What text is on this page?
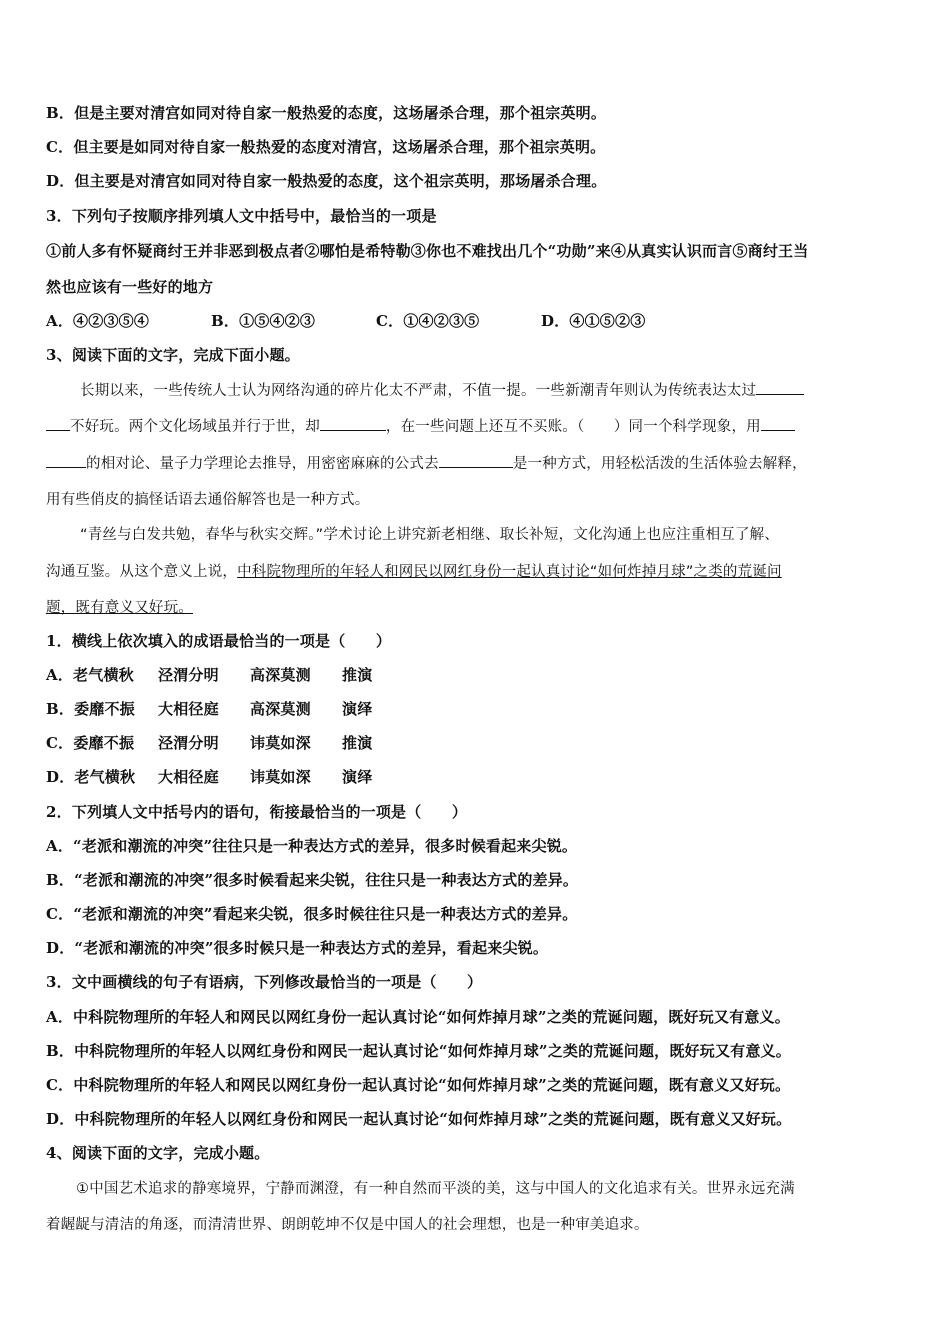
B．但是主要对清宫如同对待自家一般热爱的态度，这场屠杀合理，那个祖宗英明。
C．但主要是如同对待自家一般热爱的态度对清宫，这场屠杀合理，那个祖宗英明。
D．但主要是对清宫如同对待自家一般热爱的态度，这个祖宗英明，那场屠杀合理。
3．下列句子按顺序排列填人文中括号中，最恰当的一项是
①前人多有怀疑商纣王并非恶到极点者②哪怕是希特勒③你也不难找出几个“功勋”来④从真实认识而言⑤商纣王当
然也应该有一些好的地方
A．④②③⑤④	B．①⑤④②③	C．①④②③⑤	D．④①⑤②③
3、阅读下面的文字，完成下面小题。
长期以来，一些传统人士认为网络沟通的碎片化太不严肃，不值一提。一些新潮青年则认为传统表达太过
不好玩。两个文化场域虽并行于世，却	，在一些问题上还互不买账。（　　）同一个科学现象，用
的相对论、量子力学理论去推导，用密密麻麻的公式去	是一种方式，用轻松活泼的生活体验去解释，
用有些俏皮的搞怪话语去通俗解答也是一种方式。
“青丝与白发共勉，春华与秋实交辉。”学术讨论上讲究新老相继、取长补短，文化沟通上也应注重相互了解、
沟通互鉴。从这个意义上说，中科院物理所的年轻人和网民以网红身份一起认真讨论“如何炸掉月球”之类的荒诞问
题，既有意义又好玩。
1．横线上依次填入的成语最恰当的一项是（　　）
A．老气横秋 泾渭分明 高深莫测 推演
B．委靡不振 大相径庭 高深莫测 演绎
C．委靡不振 泾渭分明 讳莫如深 推演
D．老气横秋 大相径庭 讳莫如深 演绎
2．下列填人文中括号内的语句，衔接最恰当的一项是（　　）
A．“老派和潮流的冲突”往往只是一种表达方式的差异，很多时候看起来尖锐。
B．“老派和潮流的冲突”很多时候看起来尖锐，往往只是一种表达方式的差异。
C．“老派和潮流的冲突”看起来尖锐，很多时候往往只是一种表达方式的差异。
D．“老派和潮流的冲突”很多时候只是一种表达方式的差异，看起来尖锐。
3．文中画横线的句子有语病，下列修改最恰当的一项是（　　）
A．中科院物理所的年轻人和网民以网红身份一起认真讨论“如何炸掉月球”之类的荒诞问题，既好玩又有意义。
B．中科院物理所的年轻人以网红身份和网民一起认真讨论“如何炸掉月球”之类的荒诞问题，既好玩又有意义。
C．中科院物理所的年轻人和网民以网红身份一起认真讨论“如何炸掉月球”之类的荒诞问题，既有意义又好玩。
D．中科院物理所的年轻人以网红身份和网民一起认真讨论“如何炸掉月球”之类的荒诞问题，既有意义又好玩。
4、阅读下面的文字，完成小题。
①中国艺术追求的静寒境界，宁静而渊澄，有一种自然而平淡的美，这与中国人的文化追求有关。世界永远充满
着龌龊与清洁的角逐，而清清世界、朗朗乾坤不仅是中国人的社会理想，也是一种审美追求。
